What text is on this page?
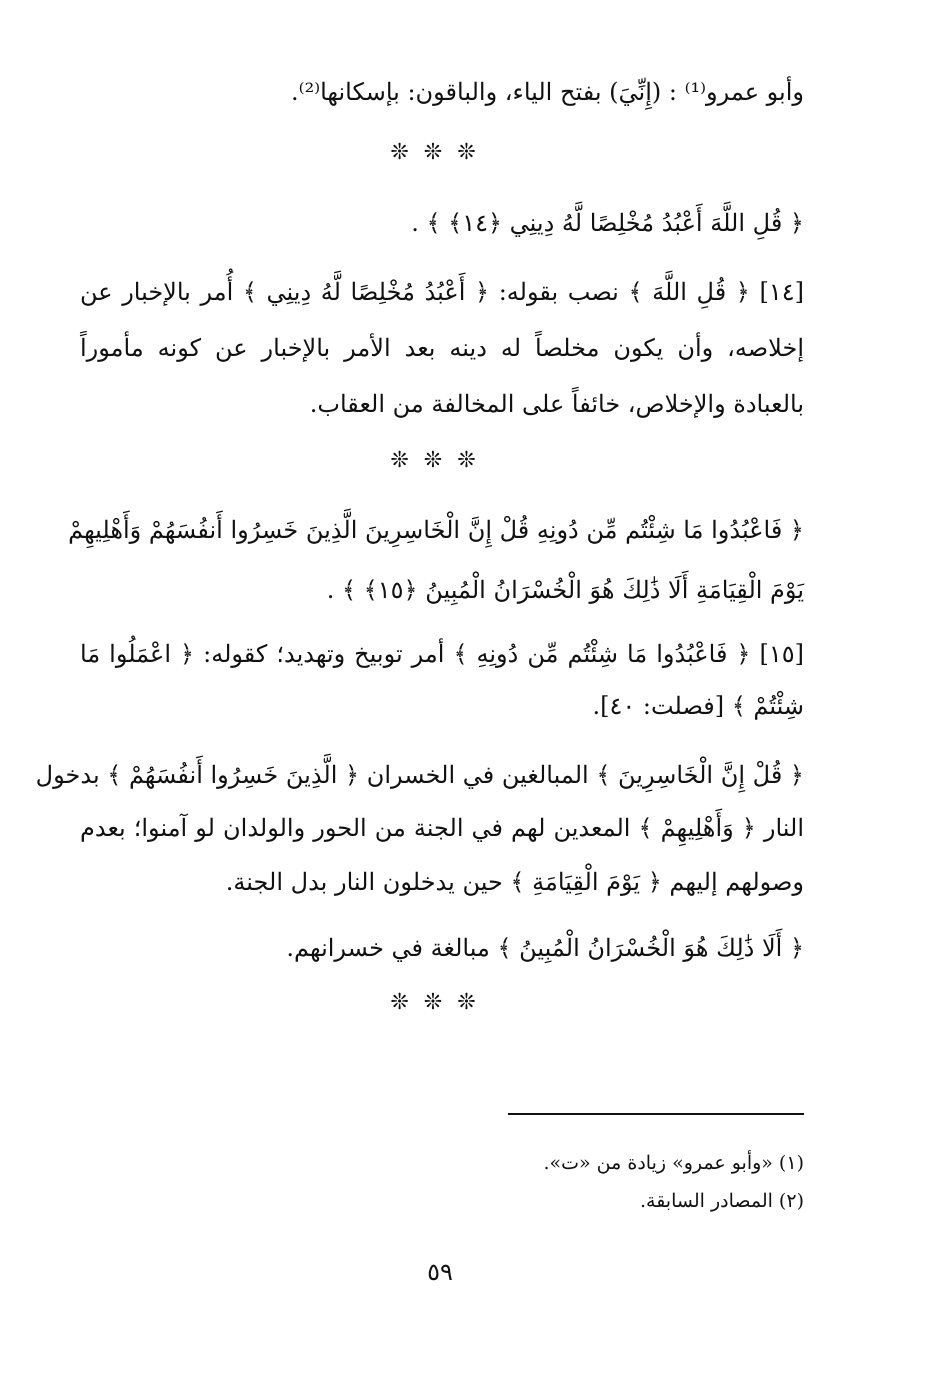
وأبو عمرو⁽¹⁾ : (إِنِّيَ) بفتح الياء، والباقون: بإسكانها⁽²⁾.
❊ ❊ ❊
﴿ قُلِ اللَّهَ أَعْبُدُ مُخْلِصًا لَّهُ دِينِي ﴿١٤﴾ ﴾ .
[١٤] ﴿ قُلِ اللَّهَ ﴾ نصب بقوله: ﴿ أَعْبُدُ مُخْلِصًا لَّهُ دِينِي ﴾ أُمر بالإخبار عن
إخلاصه، وأن يكون مخلصاً له دينه بعد الأمر بالإخبار عن كونه مأموراً
بالعبادة والإخلاص، خائفاً على المخالفة من العقاب.
❊ ❊ ❊
﴿ فَاعْبُدُوا مَا شِئْتُم مِّن دُونِهِ قُلْ إِنَّ الْخَاسِرِينَ الَّذِينَ خَسِرُوا أَنفُسَهُمْ وَأَهْلِيهِمْ
يَوْمَ الْقِيَامَةِ أَلَا ذَٰلِكَ هُوَ الْخُسْرَانُ الْمُبِينُ ﴿١٥﴾ ﴾ .
[١٥] ﴿ فَاعْبُدُوا مَا شِئْتُم مِّن دُونِهِ ﴾ أمر توبيخ وتهديد؛ كقوله: ﴿ اعْمَلُوا مَا
شِئْتُمْ ﴾ [فصلت: ٤٠].
﴿ قُلْ إِنَّ الْخَاسِرِينَ ﴾ المبالغين في الخسران ﴿ الَّذِينَ خَسِرُوا أَنفُسَهُمْ ﴾ بدخول
النار ﴿ وَأَهْلِيهِمْ ﴾ المعدين لهم في الجنة من الحور والولدان لو آمنوا؛ بعدم
وصولهم إليهم ﴿ يَوْمَ الْقِيَامَةِ ﴾ حين يدخلون النار بدل الجنة.
﴿ أَلَا ذَٰلِكَ هُوَ الْخُسْرَانُ الْمُبِينُ ﴾ مبالغة في خسرانهم.
❊ ❊ ❊
(١) «وأبو عمرو» زيادة من «ت».
(٢) المصادر السابقة.
٥٩
